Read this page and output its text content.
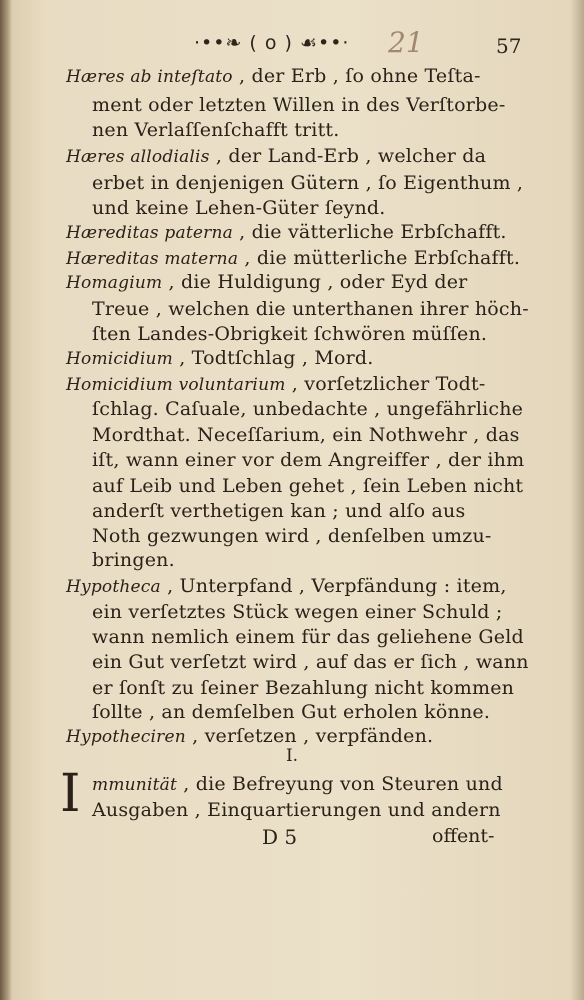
·••❧ ( o ) ☙••· 21	57
Hæres ab inteſtato , der Erb , ſo ohne Teſta‑
ment oder letzten Willen in des Verſtorbe‑
nen Verlaſſenſchafft tritt.
Hæres allodialis , der Land‑Erb , welcher da
erbet in denjenigen Gütern , ſo Eigenthum ,
und keine Lehen‑Güter ſeynd.
Hæreditas paterna , die vätterliche Erbſchafft.
Hæreditas materna , die mütterliche Erbſchafft.
Homagium , die Huldigung , oder Eyd der
Treue , welchen die unterthanen ihrer höch‑
ſten Landes‑Obrigkeit ſchwören müſſen.
Homicidium , Todtſchlag , Mord.
Homicidium voluntarium , vorſetzlicher Todt‑
ſchlag. Caſuale, unbedachte , ungefährliche
Mordthat. Neceſſarium, ein Nothwehr , das
iſt, wann einer vor dem Angreiffer , der ihm
auf Leib und Leben gehet , ſein Leben nicht
anderſt verthetigen kan ; und alſo aus
Noth gezwungen wird , denſelben umzu‑
bringen.
Hypotheca , Unterpfand , Verpfändung : item,
ein verſetztes Stück wegen einer Schuld ;
wann nemlich einem für das geliehene Geld
ein Gut verſetzt wird , auf das er ſich , wann
er ſonſt zu ſeiner Bezahlung nicht kommen
ſollte , an demſelben Gut erholen könne.
Hypotheciren , verſetzen , verpfänden.
I.
I mmunität , die Befreyung von Steuren und
Ausgaben , Einquartierungen und andern
D 5	offent‑
